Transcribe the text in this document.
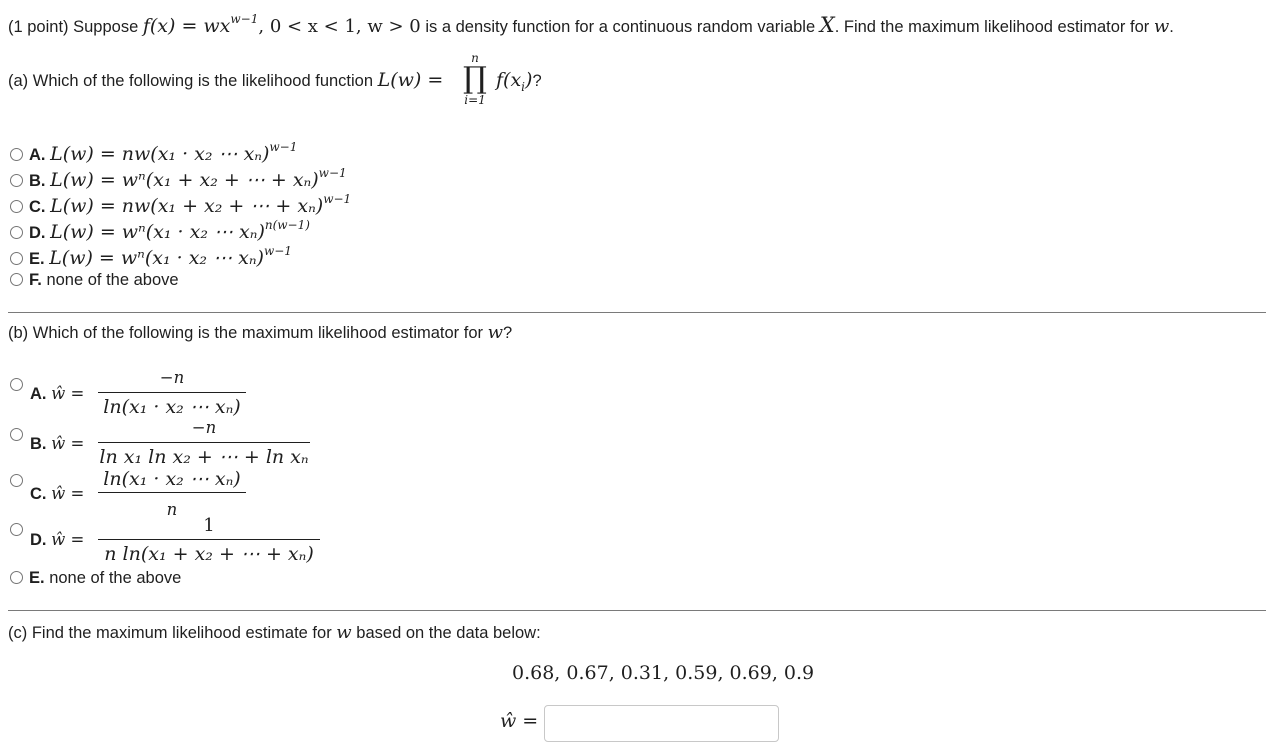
(1 point) Suppose $f(x) = wx^{w-1}$, 0 < x < 1, w > 0 is a density function for a continuous random variable X. Find the maximum likelihood estimator for w.
(a) Which of the following is the likelihood function L(w) =
n
∏
i=1
$f(x_i)$?
A. L(w) = nw(x₁ · x₂ ⋯ xₙ)$^{w-1}$
B. L(w) = wⁿ(x₁ + x₂ + ⋯ + xₙ)$^{w-1}$
C. L(w) = nw(x₁ + x₂ + ⋯ + xₙ)$^{w-1}$
D. L(w) = wⁿ(x₁ · x₂ ⋯ xₙ)$^{n(w-1)}$
E. L(w) = wⁿ(x₁ · x₂ ⋯ xₙ)$^{w-1}$
F. none of the above
(b) Which of the following is the maximum likelihood estimator for w?
A. ŵ =
−n
ln(x₁ · x₂ ⋯ xₙ)
B. ŵ =
−n
ln x₁ ln x₂ + ⋯ + ln xₙ
C. ŵ =
ln(x₁ · x₂ ⋯ xₙ)
n
D. ŵ =
1
n ln(x₁ + x₂ + ⋯ + xₙ)
E. none of the above
(c) Find the maximum likelihood estimate for w based on the data below:
0.68, 0.67, 0.31, 0.59, 0.69, 0.9
ŵ =
